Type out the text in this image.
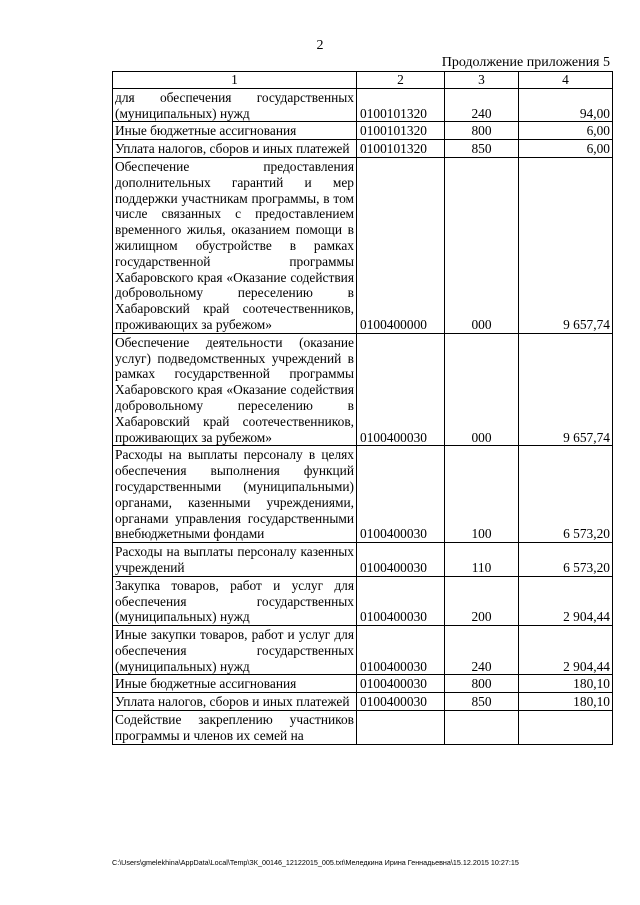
2
Продолжение приложения 5
1	2	3	4
для обеспечения государственных (муниципальных) нужд	0100101320	240	94,00
Иные бюджетные ассигнования	0100101320	800	6,00
Уплата налогов, сборов и иных платежей	0100101320	850	6,00
Обеспечение предоставления дополнительных гарантий и мер поддержки участникам программы, в том числе связанных с предоставлением временного жилья, оказанием помощи в жилищном обустройстве в рамках государственной программы Хабаровского края «Оказание содействия добровольному переселению в Хабаровский край соотечественников, проживающих за рубежом»	0100400000	000	9 657,74
Обеспечение деятельности (оказание услуг) подведомственных учреждений в рамках государственной программы Хабаровского края «Оказание содействия добровольному переселению в Хабаровский край соотечественников, проживающих за рубежом»	0100400030	000	9 657,74
Расходы на выплаты персоналу в целях обеспечения выполнения функций государственными (муниципальными) органами, казенными учреждениями, органами управления государственными внебюджетными фондами	0100400030	100	6 573,20
Расходы на выплаты персоналу казенных учреждений	0100400030	110	6 573,20
Закупка товаров, работ и услуг для обеспечения государственных (муниципальных) нужд	0100400030	200	2 904,44
Иные закупки товаров, работ и услуг для обеспечения государственных (муниципальных) нужд	0100400030	240	2 904,44
Иные бюджетные ассигнования	0100400030	800	180,10
Уплата налогов, сборов и иных платежей	0100400030	850	180,10
Содействие закреплению участников программы и членов их семей на			
C:\Users\gmelekhina\AppData\Local\Temp\ЗК_00146_12122015_005.txt\Меледкина Ирина Геннадьевна\15.12.2015 10:27:15
